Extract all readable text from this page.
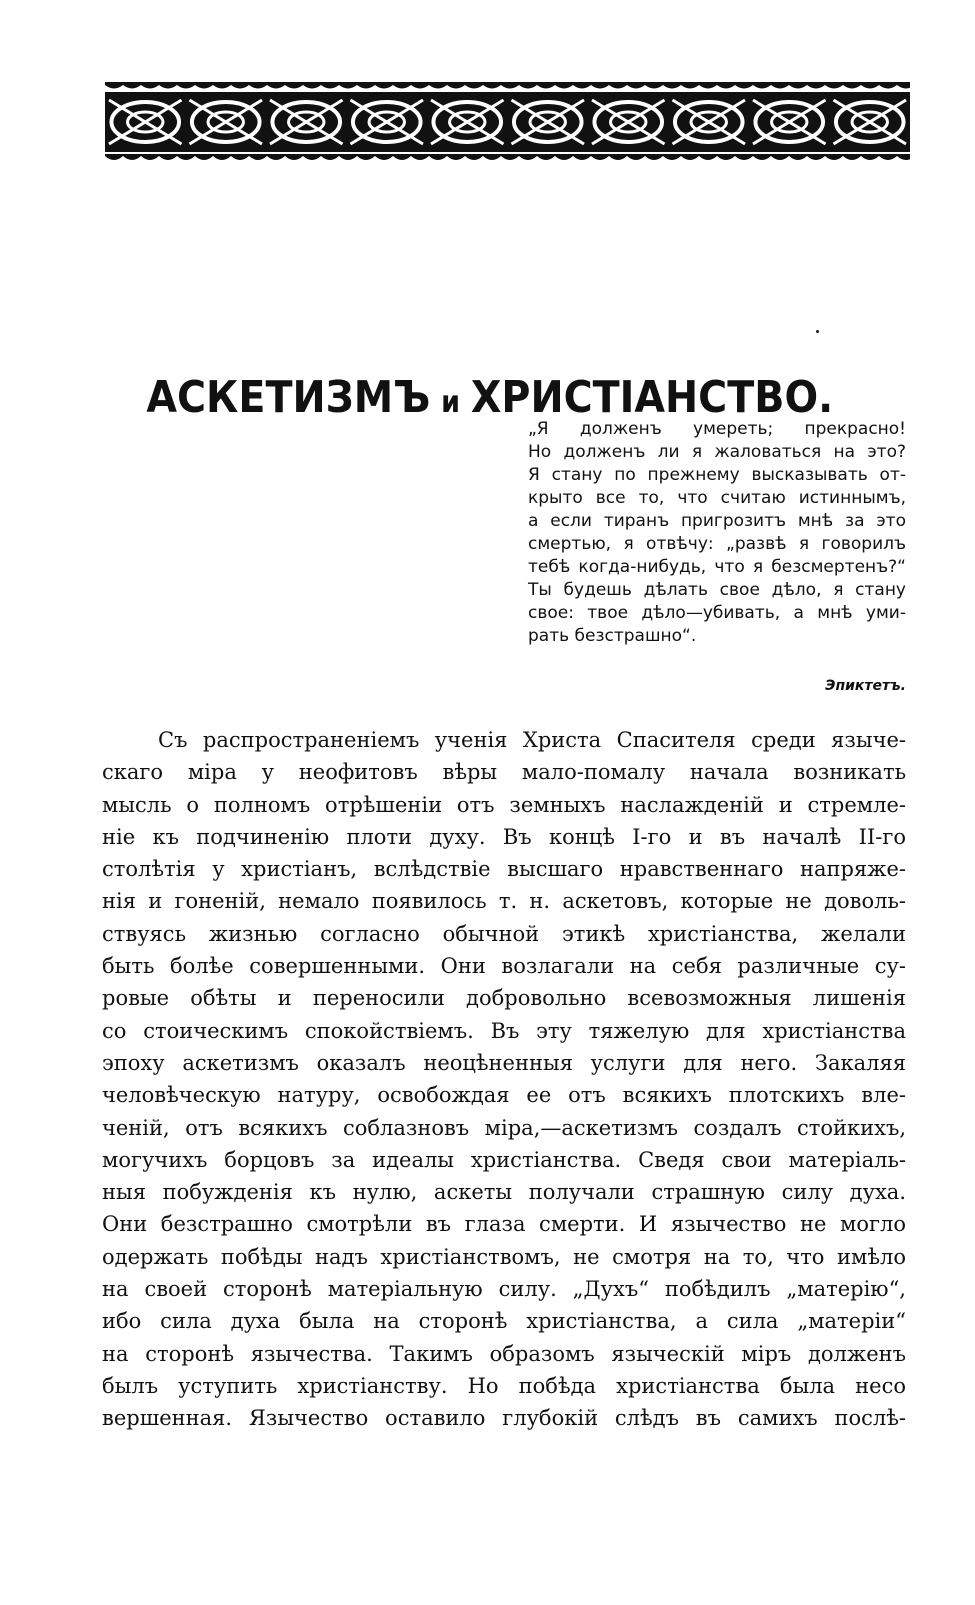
АСКЕТИЗМЪ и ХРИСТІАНСТВО.
„Я долженъ умереть; прекрасно!
Но долженъ ли я жаловаться на это?
Я стану по прежнему высказывать от-
крыто все то, что считаю истиннымъ,
а если тиранъ пригрозитъ мнѣ за это
смертью, я отвѣчу: „развѣ я говорилъ
тебѣ когда-нибудь, что я безсмертенъ?“
Ты будешь дѣлать свое дѣло, я стану
свое: твое дѣло—убивать, а мнѣ уми-
рать безстрашно“.
Эпиктетъ.
Съ распространеніемъ ученія Христа Спасителя среди языче-
скаго міра у неофитовъ вѣры мало-помалу начала возникать
мысль о полномъ отрѣшеніи отъ земныхъ наслажденій и стремле-
ніе къ подчиненію плоти духу. Въ концѣ I-го и въ началѣ II-го
столѣтія у христіанъ, вслѣдствіе высшаго нравственнаго напряже-
нія и гоненій, немало появилось т. н. аскетовъ, которые не доволь-
ствуясь жизнью согласно обычной этикѣ христіанства, желали
быть болѣе совершенными. Они возлагали на себя различные су-
ровые обѣты и переносили добровольно всевозможныя лишенія
со стоическимъ спокойствіемъ. Въ эту тяжелую для христіанства
эпоху аскетизмъ оказалъ неоцѣненныя услуги для него. Закаляя
человѣческую натуру, освобождая ее отъ всякихъ плотскихъ вле-
ченій, отъ всякихъ соблазновъ міра,—аскетизмъ создалъ стойкихъ,
могучихъ борцовъ за идеалы христіанства. Сведя свои матеріаль-
ныя побужденія къ нулю, аскеты получали страшную силу духа.
Они безстрашно смотрѣли въ глаза смерти. И язычество не могло
одержать побѣды надъ христіанствомъ, не смотря на то, что имѣло
на своей сторонѣ матеріальную силу. „Духъ“ побѣдилъ „матерію“,
ибо сила духа была на сторонѣ христіанства, а сила „матеріи“
на сторонѣ язычества. Такимъ образомъ языческій міръ долженъ
былъ уступить христіанству. Но побѣда христіанства была несо
вершенная. Язычество оставило глубокій слѣдъ въ самихъ послѣ-
